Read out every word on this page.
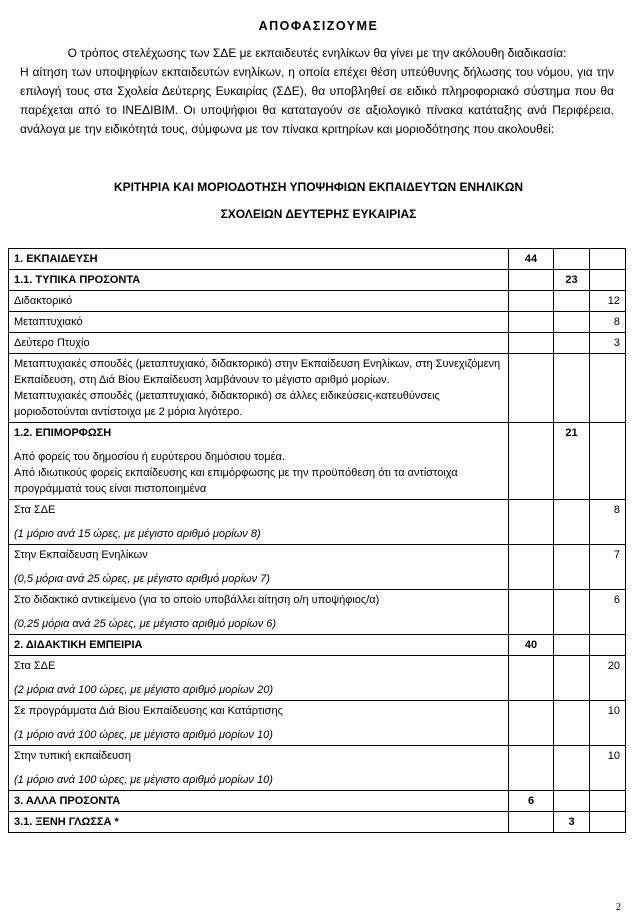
ΑΠΟΦΑΣΙΖΟΥΜΕ

Ο τρόπος στελέχωσης των ΣΔΕ με εκπαιδευτές ενηλίκων θα γίνει με την ακόλουθη διαδικασία:

Η αίτηση των υποψηφίων εκπαιδευτών ενηλίκων, η οποία επέχει θέση υπεύθυνης δήλωσης του νόμου, για την επιλογή τους στα Σχολεία Δεύτερης Ευκαιρίας (ΣΔΕ), θα υποβληθεί σε ειδικό πληροφοριακό σύστημα που θα παρέχεται από το ΙΝΕΔΙΒΙΜ. Οι υποψήφιοι θα καταταγούν σε αξιολογικό πίνακα κατάταξης ανά Περιφέρεια, ανάλογα με την ειδικότητά τους, σύμφωνα με τον πίνακα κριτηρίων και μοριοδότησης που ακολουθεί:

ΚΡΙΤΗΡΙΑ ΚΑΙ ΜΟΡΙΟΔΟΤΗΣΗ ΥΠΟΨΗΦΙΩΝ ΕΚΠΑΙΔΕΥΤΩΝ ΕΝΗΛΙΚΩΝ
ΣΧΟΛΕΙΩΝ ΔΕΥΤΕΡΗΣ ΕΥΚΑΙΡΙΑΣ
1. ΕΚΠΑΙΔΕΥΣΗ	44		
1.1. ΤΥΠΙΚΑ ΠΡΟΣΟΝΤΑ		23	
Διδακτορικό			12
Μεταπτυχιακό			8
Δεύτερο Πτυχίο			3

Μεταπτυχιακές σπουδές (μεταπτυχιακό, διδακτορικό) στην Εκπαίδευση Ενηλίκων, στη Συνεχιζόμενη Εκπαίδευση, στη Διά Βίου Εκπαίδευση λαμβάνουν το μέγιστο αριθμό μορίων.
Μεταπτυχιακές σπουδές (μεταπτυχιακό, διδακτορικό) σε άλλες ειδικεύσεις-κατευθύνσεις μοριοδοτούνται αντίστοιχα με 2 μόρια λιγότερο.			

1.2. ΕΠΙΜΟΡΦΩΣΗ
Από φορείς του δημοσίου ή ευρύτερου δημόσιου τομέα.
Από ιδιωτικούς φορείς εκπαίδευσης και επιμόρφωσης με την προϋπόθεση ότι τα αντίστοιχα προγράμματά τους είναι πιστοποιημένα		21	

Στα ΣΔΕ
(1 μόριο ανά 15 ώρες, με μέγιστο αριθμό μορίων 8)			8

Στην Εκπαίδευση Ενηλίκων
(0,5 μόρια ανά 25 ώρες, με μέγιστο αριθμό μορίων 7)			7

Στο διδακτικό αντικείμενο (για το οποίο υποβάλλει αίτηση ο/η υποψήφιος/α)
(0,25 μόρια ανά 25 ώρες, με μέγιστο αριθμό μορίων 6)			6
2. ΔΙΔΑΚΤΙΚΗ ΕΜΠΕΙΡΙΑ	40		

Στα ΣΔΕ
(2 μόρια ανά 100 ώρες, με μέγιστο αριθμό μορίων 20)			20

Σε προγράμματα Διά Βίου Εκπαίδευσης και Κατάρτισης
(1 μόριο ανά 100 ώρες, με μέγιστο αριθμό μορίων 10)			10

Στην τυπική εκπαίδευση
(1 μόριο ανά 100 ώρες, με μέγιστο αριθμό μορίων 10)			10
3. ΑΛΛΑ ΠΡΟΣΟΝΤΑ	6		
3.1. ΞΕΝΗ ΓΛΩΣΣΑ *		3	
2
